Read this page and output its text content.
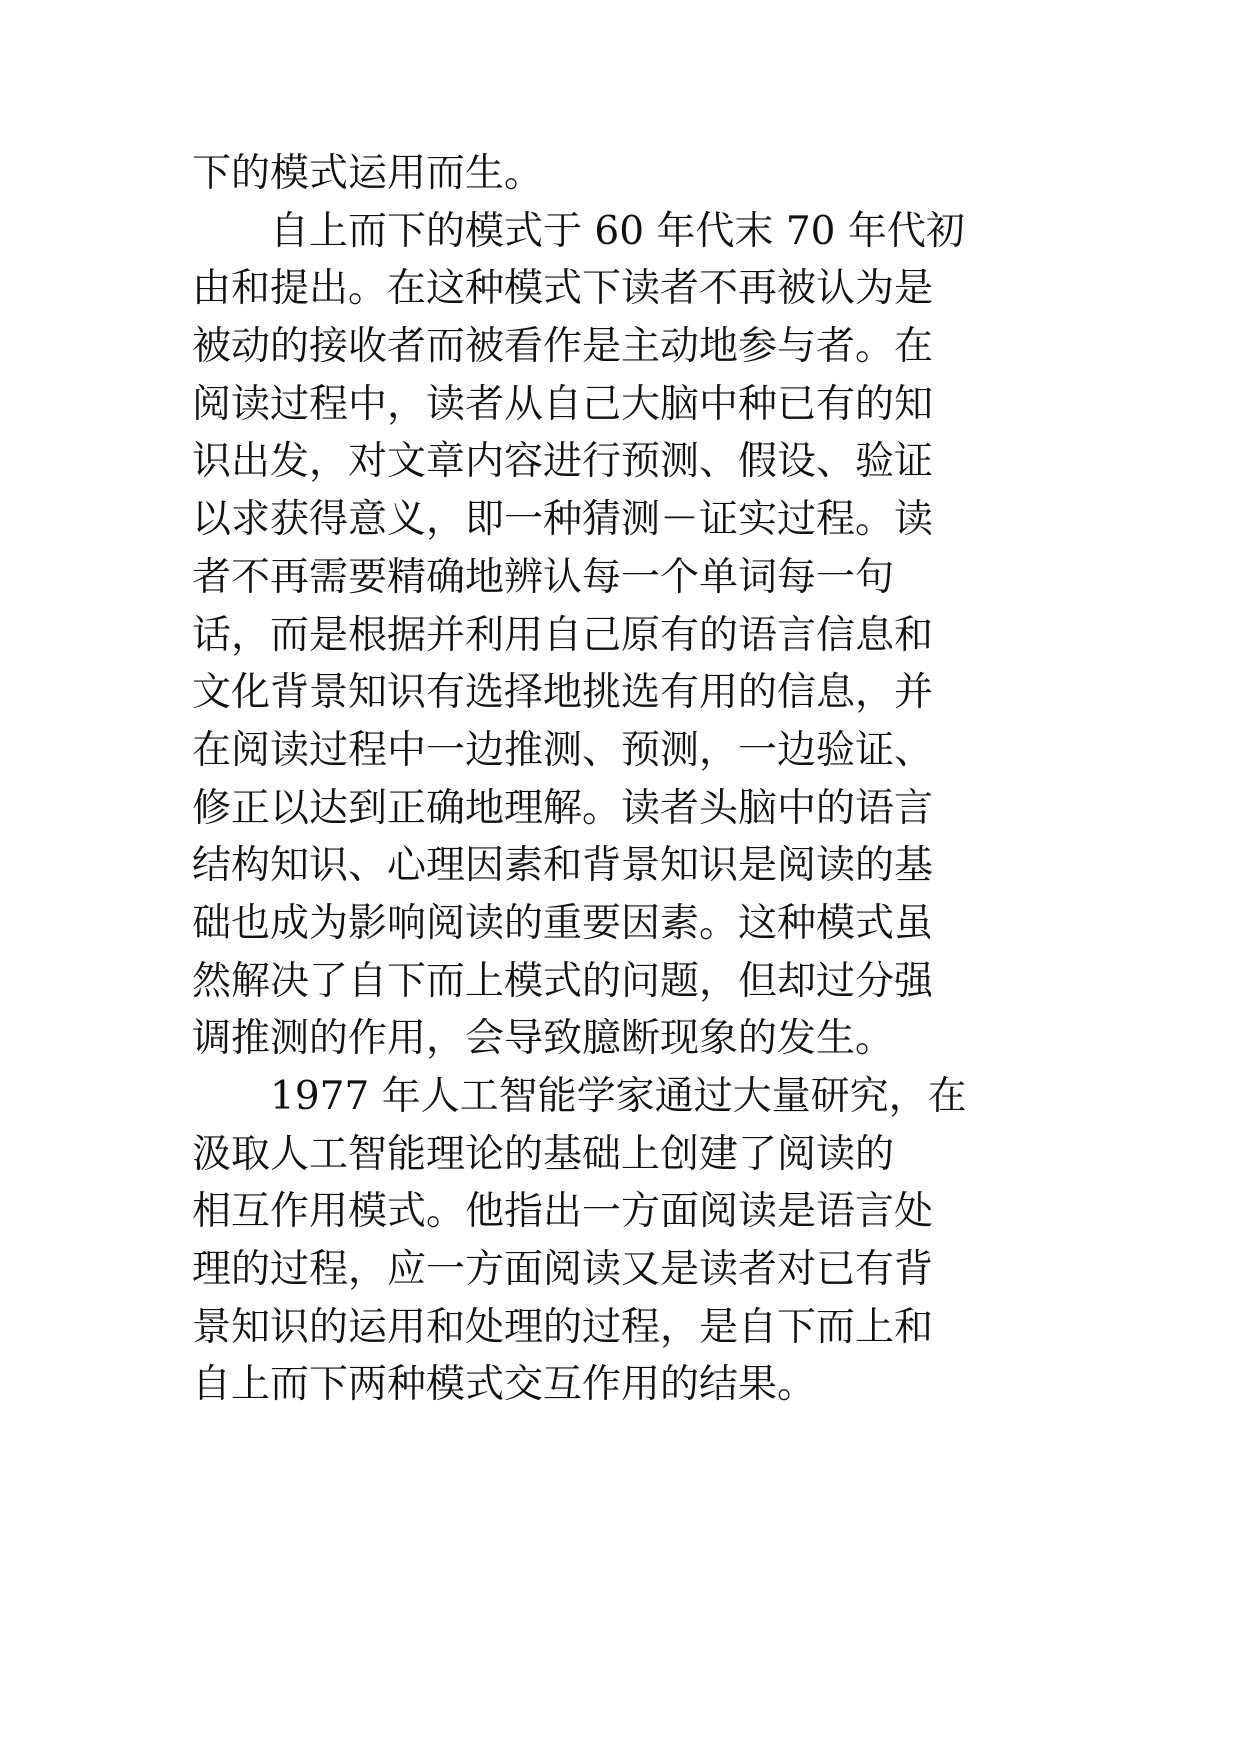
下的模式运用而生。
自上而下的模式于 60 年代末 70 年代初
由和提出。在这种模式下读者不再被认为是
被动的接收者而被看作是主动地参与者。在
阅读过程中，读者从自己大脑中种已有的知
识出发，对文章内容进行预测、假设、验证
以求获得意义，即一种猜测－证实过程。读
者不再需要精确地辨认每一个单词每一句
话，而是根据并利用自己原有的语言信息和
文化背景知识有选择地挑选有用的信息，并
在阅读过程中一边推测、预测，一边验证、
修正以达到正确地理解。读者头脑中的语言
结构知识、心理因素和背景知识是阅读的基
础也成为影响阅读的重要因素。这种模式虽
然解决了自下而上模式的问题，但却过分强
调推测的作用，会导致臆断现象的发生。
1977 年人工智能学家通过大量研究，在
汲取人工智能理论的基础上创建了阅读的
相互作用模式。他指出一方面阅读是语言处
理的过程，应一方面阅读又是读者对已有背
景知识的运用和处理的过程，是自下而上和
自上而下两种模式交互作用的结果。
